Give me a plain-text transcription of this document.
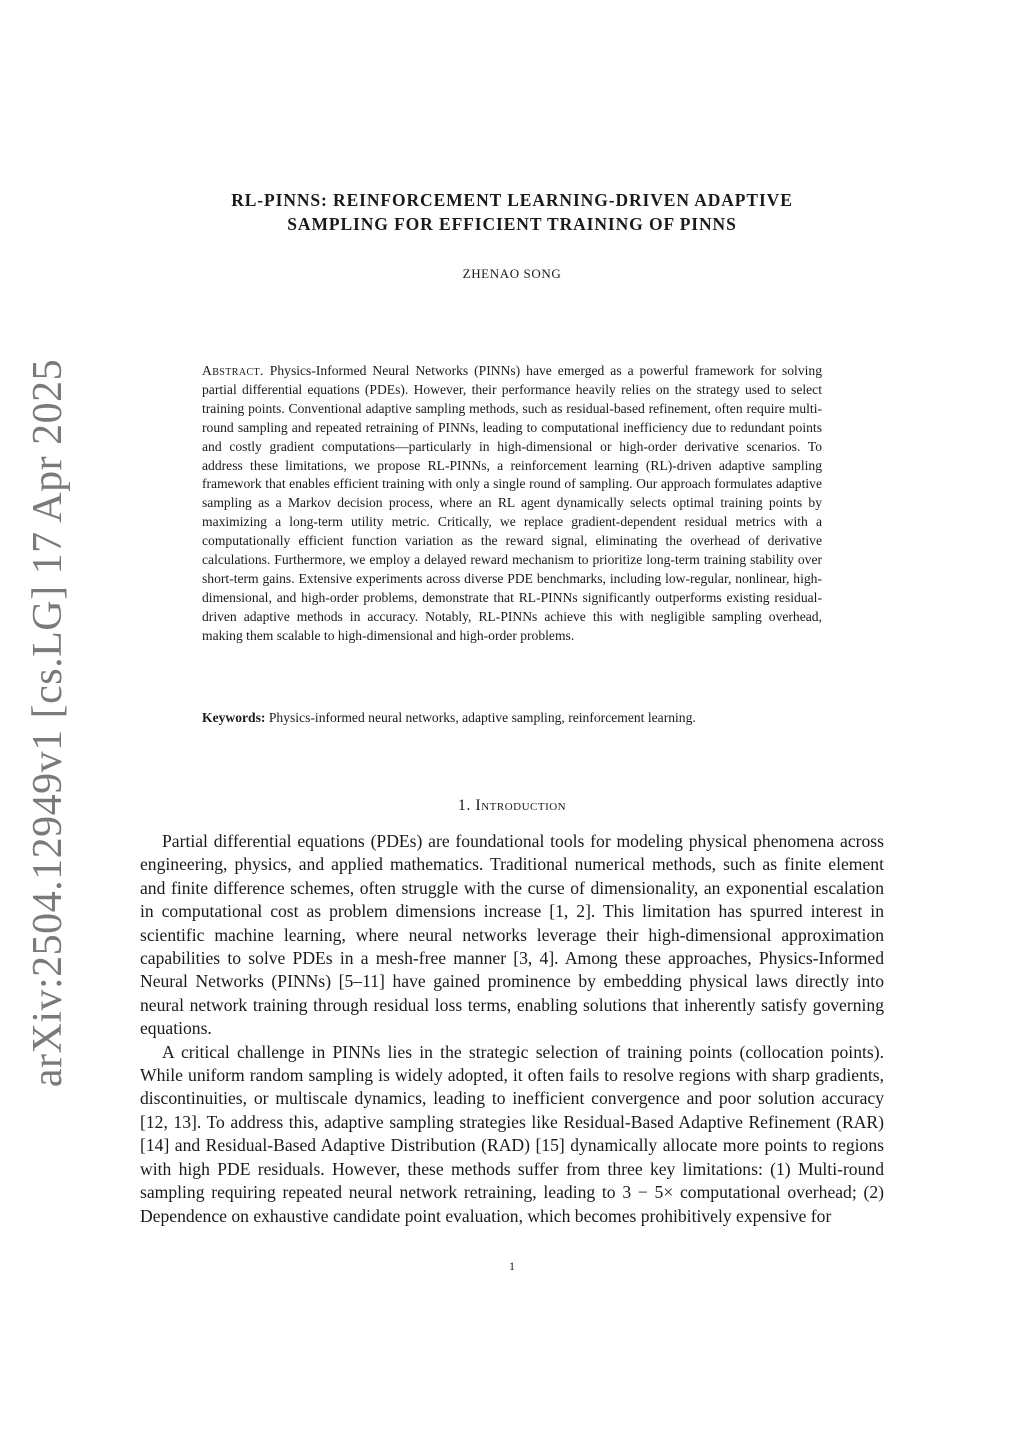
arXiv:2504.12949v1 [cs.LG] 17 Apr 2025
RL-PINNS: REINFORCEMENT LEARNING-DRIVEN ADAPTIVE
SAMPLING FOR EFFICIENT TRAINING OF PINNS
ZHENAO SONG

Abstract. Physics-Informed Neural Networks (PINNs) have emerged as a powerful framework for solving partial differential equations (PDEs). However, their performance heavily relies on the strategy used to select training points. Conventional adaptive sampling methods, such as residual-based refinement, often require multi-round sampling and repeated retraining of PINNs, leading to computational inefficiency due to redundant points and costly gradient computations—particularly in high-dimensional or high-order derivative scenarios. To address these limitations, we propose RL-PINNs, a reinforcement learning (RL)-driven adaptive sampling framework that enables efficient training with only a single round of sampling. Our approach formulates adaptive sampling as a Markov decision process, where an RL agent dynamically selects optimal training points by maximizing a long-term utility metric. Critically, we replace gradient-dependent residual metrics with a computationally efficient function variation as the reward signal, eliminating the overhead of derivative calculations. Furthermore, we employ a delayed reward mechanism to prioritize long-term training stability over short-term gains. Extensive experiments across diverse PDE benchmarks, including low-regular, nonlinear, high-dimensional, and high-order problems, demonstrate that RL-PINNs significantly outperforms existing residual-driven adaptive methods in accuracy. Notably, RL-PINNs achieve this with negligible sampling overhead, making them scalable to high-dimensional and high-order problems.

Keywords: Physics-informed neural networks, adaptive sampling, reinforcement learning.

1. Introduction

Partial differential equations (PDEs) are foundational tools for modeling physical phenomena across engineering, physics, and applied mathematics. Traditional numerical methods, such as finite element and finite difference schemes, often struggle with the curse of dimensionality, an exponential escalation in computational cost as problem dimensions increase [1, 2]. This limitation has spurred interest in scientific machine learning, where neural networks leverage their high-dimensional approximation capabilities to solve PDEs in a mesh-free manner [3, 4]. Among these approaches, Physics-Informed Neural Networks (PINNs) [5–11] have gained prominence by embedding physical laws directly into neural network training through residual loss terms, enabling solutions that inherently satisfy governing equations.

A critical challenge in PINNs lies in the strategic selection of training points (collocation points). While uniform random sampling is widely adopted, it often fails to resolve regions with sharp gradients, discontinuities, or multiscale dynamics, leading to inefficient convergence and poor solution accuracy [12, 13]. To address this, adaptive sampling strategies like Residual-Based Adaptive Refinement (RAR) [14] and Residual-Based Adaptive Distribution (RAD) [15] dynamically allocate more points to regions with high PDE residuals. However, these methods suffer from three key limitations: (1) Multi-round sampling requiring repeated neural network retraining, leading to 3 − 5× computational overhead; (2) Dependence on exhaustive candidate point evaluation, which becomes prohibitively expensive for

1
